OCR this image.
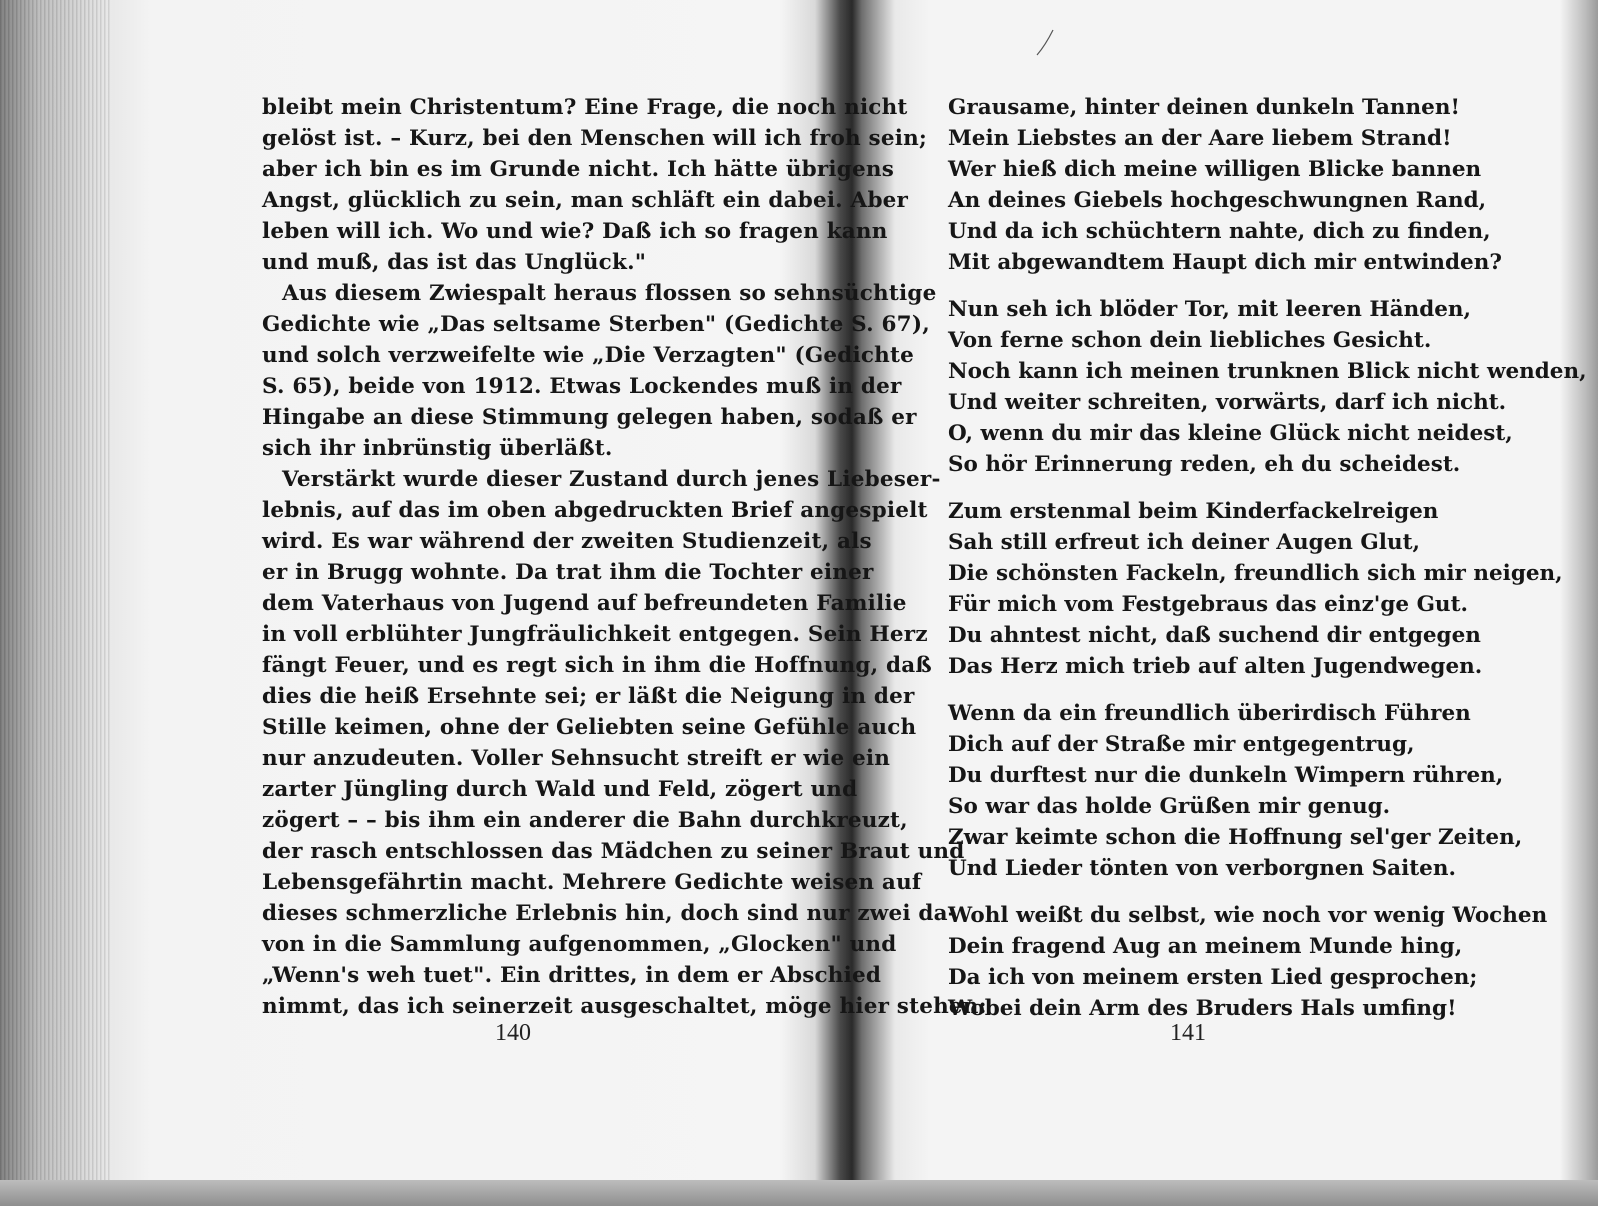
bleibt mein Christentum? Eine Frage, die noch nicht
gelöst ist. – Kurz, bei den Menschen will ich froh sein;
aber ich bin es im Grunde nicht. Ich hätte übrigens
Angst, glücklich zu sein, man schläft ein dabei. Aber
leben will ich. Wo und wie? Daß ich so fragen kann
und muß, das ist das Unglück."

Aus diesem Zwiespalt heraus flossen so sehnsüchtige
Gedichte wie „Das seltsame Sterben" (Gedichte S. 67),
und solch verzweifelte wie „Die Verzagten" (Gedichte
S. 65), beide von 1912. Etwas Lockendes muß in der
Hingabe an diese Stimmung gelegen haben, sodaß er
sich ihr inbrünstig überläßt.

Verstärkt wurde dieser Zustand durch jenes Liebeser-
lebnis, auf das im oben abgedruckten Brief angespielt
wird. Es war während der zweiten Studienzeit, als
er in Brugg wohnte. Da trat ihm die Tochter einer
dem Vaterhaus von Jugend auf befreundeten Familie
in voll erblühter Jungfräulichkeit entgegen. Sein Herz
fängt Feuer, und es regt sich in ihm die Hoffnung, daß
dies die heiß Ersehnte sei; er läßt die Neigung in der
Stille keimen, ohne der Geliebten seine Gefühle auch
nur anzudeuten. Voller Sehnsucht streift er wie ein
zarter Jüngling durch Wald und Feld, zögert und
zögert – – bis ihm ein anderer die Bahn durchkreuzt,
der rasch entschlossen das Mädchen zu seiner Braut und
Lebensgefährtin macht. Mehrere Gedichte weisen auf
dieses schmerzliche Erlebnis hin, doch sind nur zwei da-
von in die Sammlung aufgenommen, „Glocken" und
„Wenn's weh tuet". Ein drittes, in dem er Abschied
nimmt, das ich seinerzeit ausgeschaltet, möge hier stehen:

140
Grausame, hinter deinen dunkeln Tannen!
Mein Liebstes an der Aare liebem Strand!
Wer hieß dich meine willigen Blicke bannen
An deines Giebels hochgeschwungnen Rand,
Und da ich schüchtern nahte, dich zu finden,
Mit abgewandtem Haupt dich mir entwinden?
Nun seh ich blöder Tor, mit leeren Händen,
Von ferne schon dein liebliches Gesicht.
Noch kann ich meinen trunknen Blick nicht wenden,
Und weiter schreiten, vorwärts, darf ich nicht.
O, wenn du mir das kleine Glück nicht neidest,
So hör Erinnerung reden, eh du scheidest.
Zum erstenmal beim Kinderfackelreigen
Sah still erfreut ich deiner Augen Glut,
Die schönsten Fackeln, freundlich sich mir neigen,
Für mich vom Festgebraus das einz'ge Gut.
Du ahntest nicht, daß suchend dir entgegen
Das Herz mich trieb auf alten Jugendwegen.
Wenn da ein freundlich überirdisch Führen
Dich auf der Straße mir entgegentrug,
Du durftest nur die dunkeln Wimpern rühren,
So war das holde Grüßen mir genug.
Zwar keimte schon die Hoffnung sel'ger Zeiten,
Und Lieder tönten von verborgnen Saiten.
Wohl weißt du selbst, wie noch vor wenig Wochen
Dein fragend Aug an meinem Munde hing,
Da ich von meinem ersten Lied gesprochen;
Wobei dein Arm des Bruders Hals umfing!
141
